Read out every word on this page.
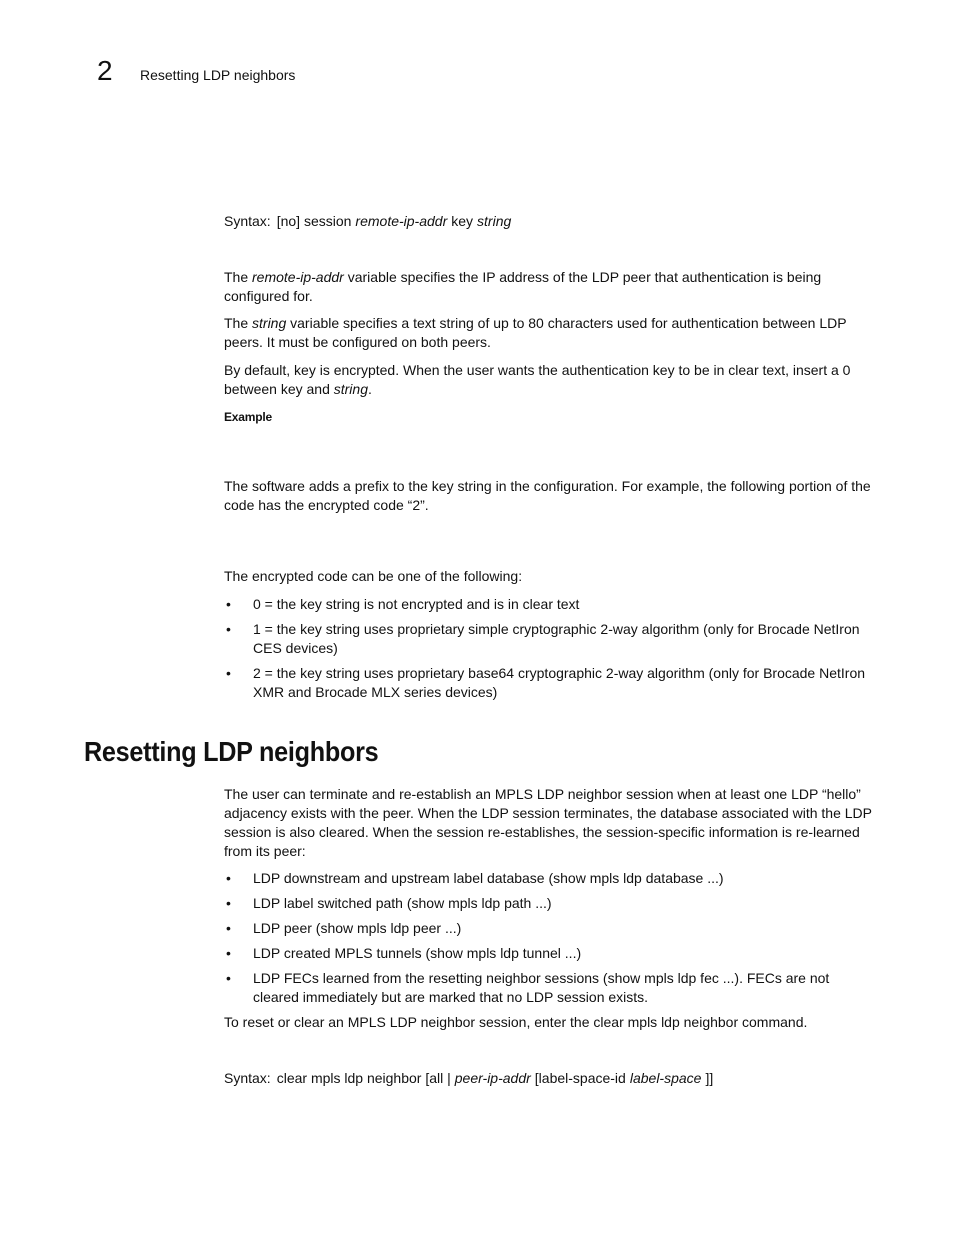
2 Resetting LDP neighbors

Syntax: [no] session remote-ip-addr key string

The remote-ip-addr variable specifies the IP address of the LDP peer that authentication is being configured for.

The string variable specifies a text string of up to 80 characters used for authentication between LDP peers. It must be configured on both peers.

By default, key is encrypted. When the user wants the authentication key to be in clear text, insert a 0 between key and string.

Example

The software adds a prefix to the key string in the configuration. For example, the following portion of the code has the encrypted code “2”.

The encrypted code can be one of the following:

• 0 = the key string is not encrypted and is in clear text
• 1 = the key string uses proprietary simple cryptographic 2-way algorithm (only for Brocade NetIron CES devices)
• 2 = the key string uses proprietary base64 cryptographic 2-way algorithm (only for Brocade NetIron XMR and Brocade MLX series devices)
Resetting LDP neighbors

The user can terminate and re-establish an MPLS LDP neighbor session when at least one LDP “hello” adjacency exists with the peer. When the LDP session terminates, the database associated with the LDP session is also cleared. When the session re-establishes, the session-specific information is re-learned from its peer:

• LDP downstream and upstream label database (show mpls ldp database ...)
• LDP label switched path (show mpls ldp path ...)
• LDP peer (show mpls ldp peer ...)
• LDP created MPLS tunnels (show mpls ldp tunnel ...)
• LDP FECs learned from the resetting neighbor sessions (show mpls ldp fec ...). FECs are not cleared immediately but are marked that no LDP session exists.

To reset or clear an MPLS LDP neighbor session, enter the clear mpls ldp neighbor command.

Syntax: clear mpls ldp neighbor [all | peer-ip-addr [label-space-id label-space ]]
